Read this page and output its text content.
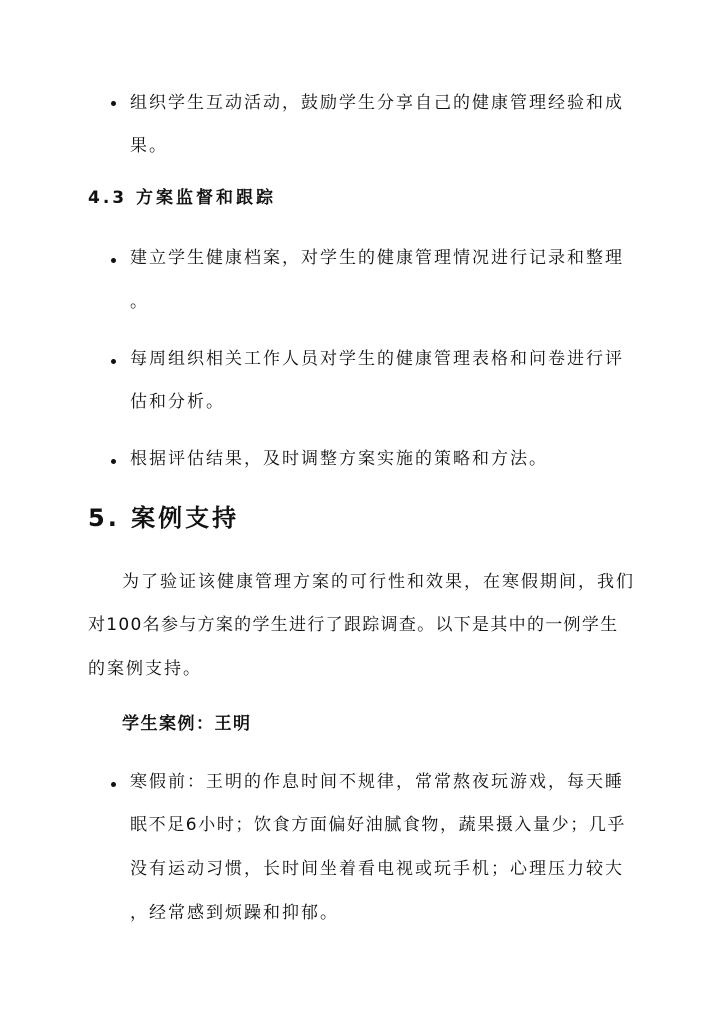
组织学生互动活动，鼓励学生分享自己的健康管理经验和成
果。
4.3 方案监督和跟踪
建立学生健康档案，对学生的健康管理情况进行记录和整理
。
每周组织相关工作人员对学生的健康管理表格和问卷进行评
估和分析。
根据评估结果，及时调整方案实施的策略和方法。
5. 案例支持
为了验证该健康管理方案的可行性和效果，在寒假期间，我们
对100名参与方案的学生进行了跟踪调查。以下是其中的一例学生
的案例支持。
学生案例：王明
寒假前：王明的作息时间不规律，常常熬夜玩游戏，每天睡
眠不足6小时；饮食方面偏好油腻食物，蔬果摄入量少；几乎
没有运动习惯，长时间坐着看电视或玩手机；心理压力较大
，经常感到烦躁和抑郁。
